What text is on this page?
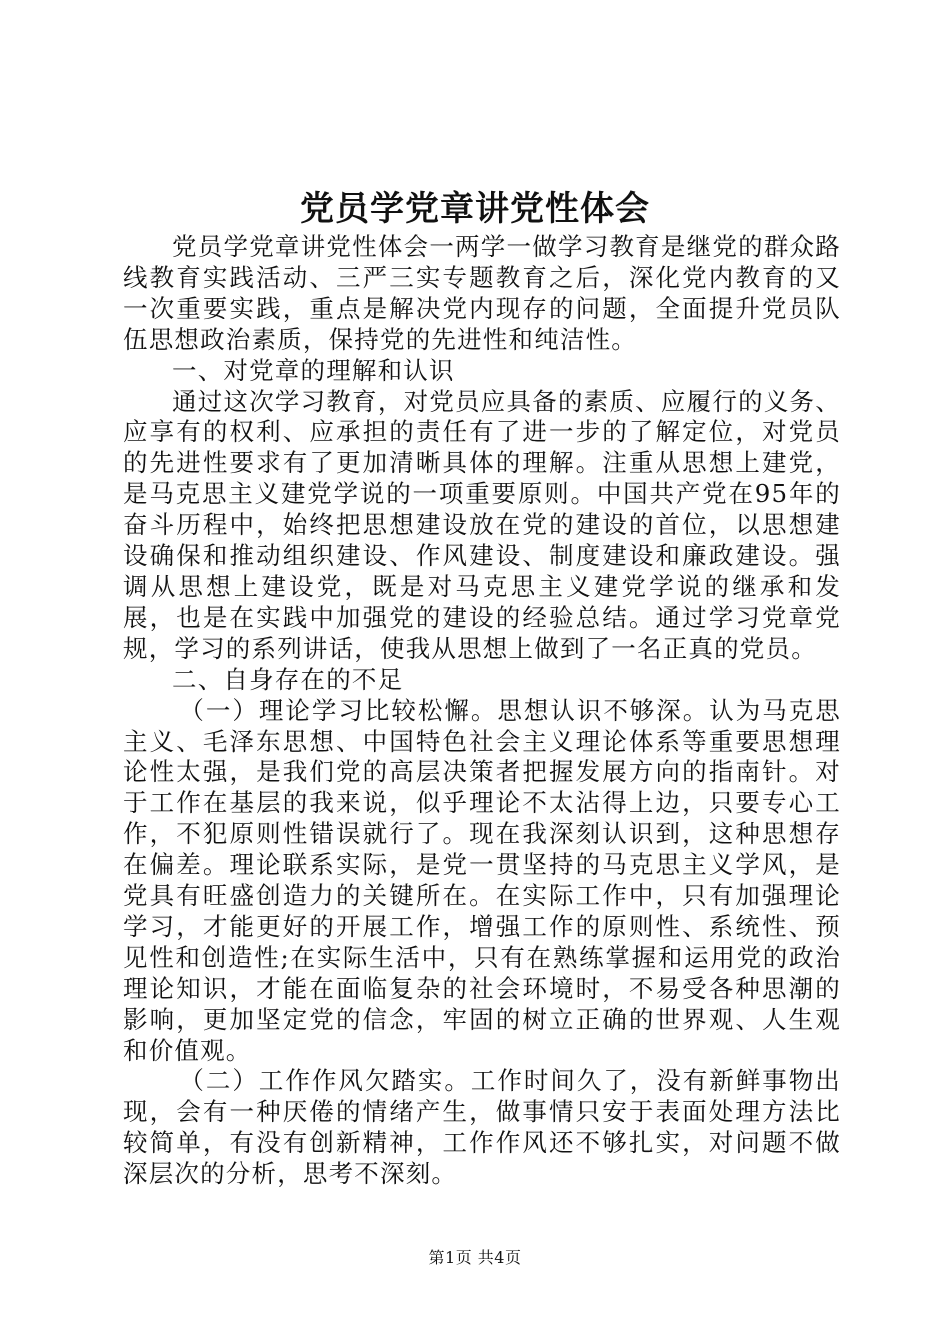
党员学党章讲党性体会

党员学党章讲党性体会一两学一做学习教育是继党的群众路线教育实践活动、三严三实专题教育之后，深化党内教育的又一次重要实践，重点是解决党内现存的问题，全面提升党员队伍思想政治素质，保持党的先进性和纯洁性。

一、对党章的理解和认识

通过这次学习教育，对党员应具备的素质、应履行的义务、应享有的权利、应承担的责任有了进一步的了解定位，对党员的先进性要求有了更加清晰具体的理解。注重从思想上建党，是马克思主义建党学说的一项重要原则。中国共产党在95年的奋斗历程中，始终把思想建设放在党的建设的首位，以思想建设确保和推动组织建设、作风建设、制度建设和廉政建设。强调从思想上建设党，既是对马克思主义建党学说的继承和发展，也是在实践中加强党的建设的经验总结。通过学习党章党规，学习的系列讲话，使我从思想上做到了一名正真的党员。

二、自身存在的不足

（一）理论学习比较松懈。思想认识不够深。认为马克思主义、毛泽东思想、中国特色社会主义理论体系等重要思想理论性太强，是我们党的高层决策者把握发展方向的指南针。对于工作在基层的我来说，似乎理论不太沾得上边，只要专心工作，不犯原则性错误就行了。现在我深刻认识到，这种思想存在偏差。理论联系实际，是党一贯坚持的马克思主义学风，是党具有旺盛创造力的关键所在。在实际工作中，只有加强理论学习，才能更好的开展工作，增强工作的原则性、系统性、预见性和创造性;在实际生活中，只有在熟练掌握和运用党的政治理论知识，才能在面临复杂的社会环境时，不易受各种思潮的影响，更加坚定党的信念，牢固的树立正确的世界观、人生观和价值观。

（二）工作作风欠踏实。工作时间久了，没有新鲜事物出现，会有一种厌倦的情绪产生，做事情只安于表面处理方法比较简单，有没有创新精神，工作作风还不够扎实，对问题不做深层次的分析，思考不深刻。

第1页 共4页
